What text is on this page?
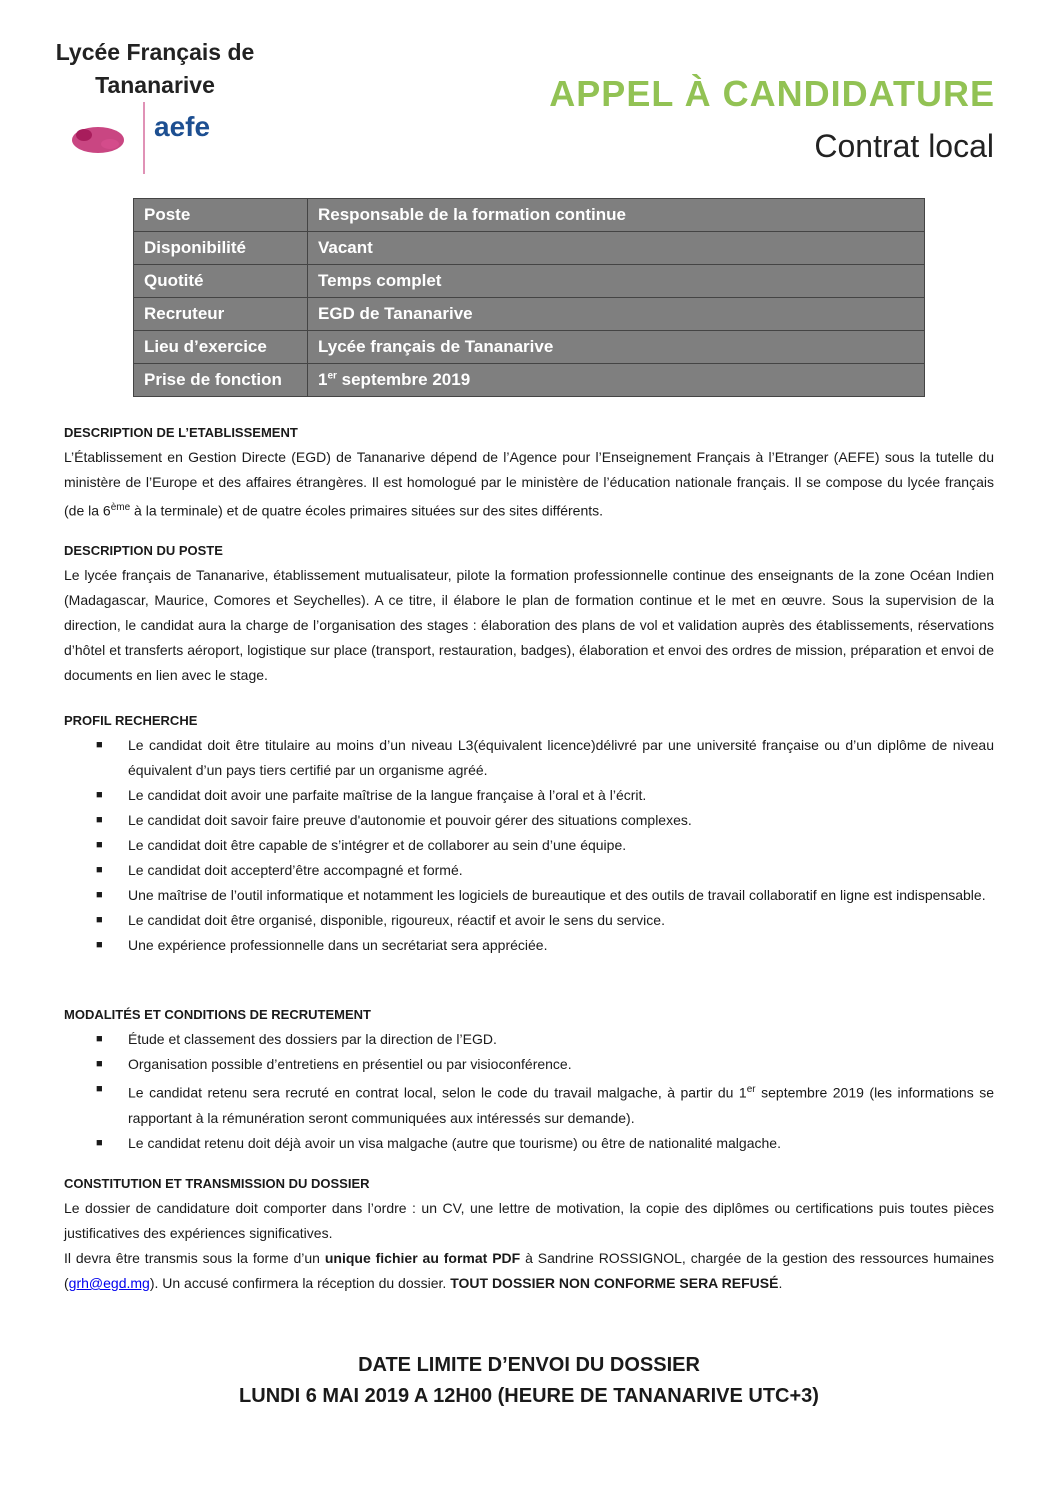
Lycée Français de
Tananarive
aefe
APPEL À CANDIDATURE
Contrat local
Poste	Responsable de la formation continue
Disponibilité	Vacant
Quotité	Temps complet
Recruteur	EGD de Tananarive
Lieu d’exercice	Lycée français de Tananarive
Prise de fonction	1er septembre 2019
DESCRIPTION DE L’ETABLISSEMENT

L’Établissement en Gestion Directe (EGD) de Tananarive dépend de l’Agence pour l’Enseignement Français à l’Etranger (AEFE) sous la tutelle du ministère de l’Europe et des affaires étrangères. Il est homologué par le ministère de l’éducation nationale français. Il se compose du lycée français (de la 6ème à la terminale) et de quatre écoles primaires situées sur des sites différents.

DESCRIPTION DU POSTE

Le lycée français de Tananarive, établissement mutualisateur, pilote la formation professionnelle continue des enseignants de la zone Océan Indien (Madagascar, Maurice, Comores et Seychelles). A ce titre, il élabore le plan de formation continue et le met en œuvre. Sous la supervision de la direction, le candidat aura la charge de l’organisation des stages : élaboration des plans de vol et validation auprès des établissements, réservations d’hôtel et transferts aéroport, logistique sur place (transport, restauration, badges), élaboration et envoi des ordres de mission, préparation et envoi de documents en lien avec le stage.

PROFIL RECHERCHE
■ Le candidat doit être titulaire au moins d’un niveau L3(équivalent licence)délivré par une université française ou d’un diplôme de niveau équivalent d’un pays tiers certifié par un organisme agréé.
■ Le candidat doit avoir une parfaite maîtrise de la langue française à l’oral et à l’écrit.
■ Le candidat doit savoir faire preuve d'autonomie et pouvoir gérer des situations complexes.
■ Le candidat doit être capable de s’intégrer et de collaborer au sein d’une équipe.
■ Le candidat doit accepterd’être accompagné et formé.
■ Une maîtrise de l’outil informatique et notamment les logiciels de bureautique et des outils de travail collaboratif en ligne est indispensable.
■ Le candidat doit être organisé, disponible, rigoureux, réactif et avoir le sens du service.
■ Une expérience professionnelle dans un secrétariat sera appréciée.
MODALITÉS ET CONDITIONS DE RECRUTEMENT
■ Étude et classement des dossiers par la direction de l’EGD.
■ Organisation possible d’entretiens en présentiel ou par visioconférence.
■ Le candidat retenu sera recruté en contrat local, selon le code du travail malgache, à partir du 1er septembre 2019 (les informations se rapportant à la rémunération seront communiquées aux intéressés sur demande).
■ Le candidat retenu doit déjà avoir un visa malgache (autre que tourisme) ou être de nationalité malgache.
CONSTITUTION ET TRANSMISSION DU DOSSIER

Le dossier de candidature doit comporter dans l’ordre : un CV, une lettre de motivation, la copie des diplômes ou certifications puis toutes pièces justificatives des expériences significatives.

Il devra être transmis sous la forme d’un unique fichier au format PDF à Sandrine ROSSIGNOL, chargée de la gestion des ressources humaines (grh@egd.mg). Un accusé confirmera la réception du dossier. TOUT DOSSIER NON CONFORME SERA REFUSÉ.

DATE LIMITE D’ENVOI DU DOSSIER
LUNDI 6 MAI 2019 A 12H00 (HEURE DE TANANARIVE UTC+3)
